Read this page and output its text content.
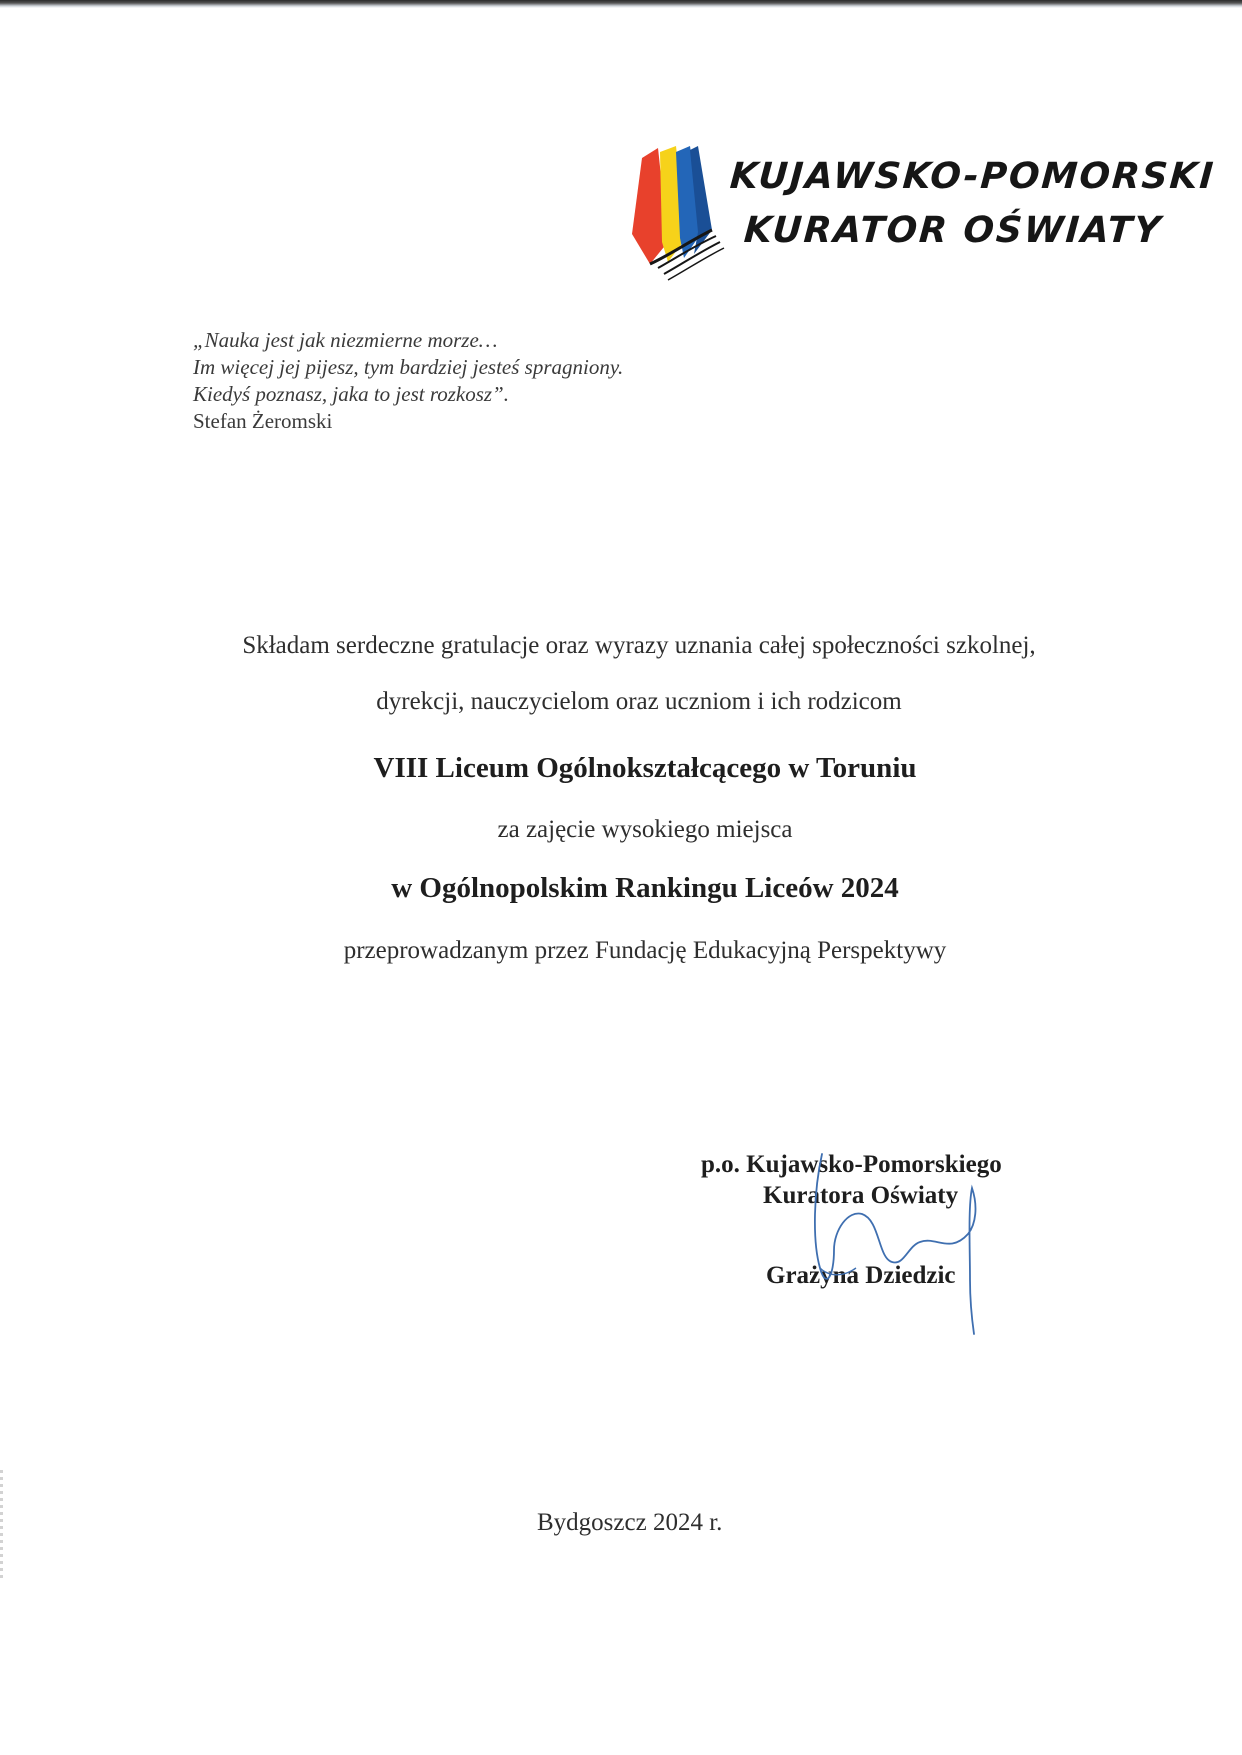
KUJAWSKO-POMORSKI
KURATOR OŚWIATY
„Nauka jest jak niezmierne morze…
Im więcej jej pijesz, tym bardziej jesteś spragniony.
Kiedyś poznasz, jaka to jest rozkosz”.
Stefan Żeromski
Składam serdeczne gratulacje oraz wyrazy uznania całej społeczności szkolnej,
dyrekcji, nauczycielom oraz uczniom i ich rodzicom
VIII Liceum Ogólnokształcącego w Toruniu
za zajęcie wysokiego miejsca
w Ogólnopolskim Rankingu Liceów 2024
przeprowadzanym przez Fundację Edukacyjną Perspektywy
p.o. Kujawsko-Pomorskiego
Kuratora Oświaty
Grażyna Dziedzic
Bydgoszcz 2024 r.
